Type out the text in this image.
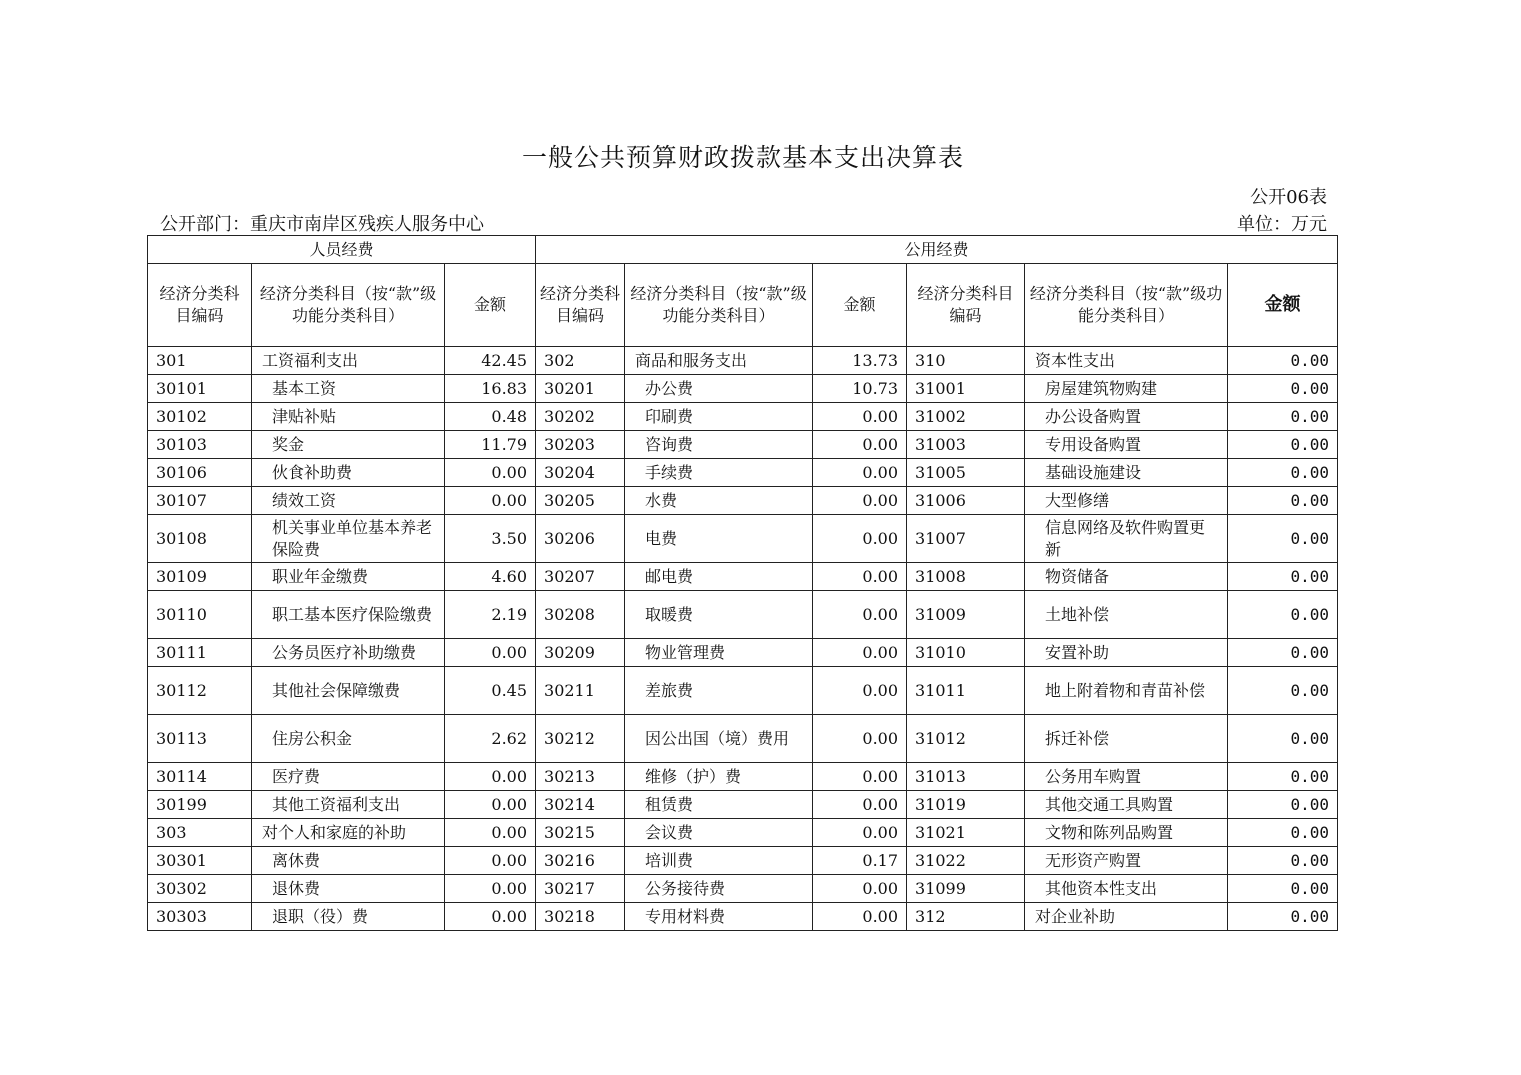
一般公共预算财政拨款基本支出决算表
公开06表
公开部门：重庆市南岸区残疾人服务中心	单位：万元
人员经费			公用经费					
经济分类科目编码	经济分类科目（按“款”级功能分类科目）	金额	经济分类科目编码	经济分类科目（按“款”级功能分类科目）	金额	经济分类科目编码	经济分类科目（按“款”级功能分类科目）	金额
301	工资福利支出	42.45	302	商品和服务支出	13.73	310	资本性支出	0.00
30101	基本工资	16.83	30201	办公费	10.73	31001	房屋建筑物购建	0.00
30102	津贴补贴	0.48	30202	印刷费	0.00	31002	办公设备购置	0.00
30103	奖金	11.79	30203	咨询费	0.00	31003	专用设备购置	0.00
30106	伙食补助费	0.00	30204	手续费	0.00	31005	基础设施建设	0.00
30107	绩效工资	0.00	30205	水费	0.00	31006	大型修缮	0.00
30108	机关事业单位基本养老保险费	3.50	30206	电费	0.00	31007	信息网络及软件购置更新	0.00
30109	职业年金缴费	4.60	30207	邮电费	0.00	31008	物资储备	0.00
30110	职工基本医疗保险缴费	2.19	30208	取暖费	0.00	31009	土地补偿	0.00
30111	公务员医疗补助缴费	0.00	30209	物业管理费	0.00	31010	安置补助	0.00
30112	其他社会保障缴费	0.45	30211	差旅费	0.00	31011	地上附着物和青苗补偿	0.00
30113	住房公积金	2.62	30212	因公出国（境）费用	0.00	31012	拆迁补偿	0.00
30114	医疗费	0.00	30213	维修（护）费	0.00	31013	公务用车购置	0.00
30199	其他工资福利支出	0.00	30214	租赁费	0.00	31019	其他交通工具购置	0.00
303	对个人和家庭的补助	0.00	30215	会议费	0.00	31021	文物和陈列品购置	0.00
30301	离休费	0.00	30216	培训费	0.17	31022	无形资产购置	0.00
30302	退休费	0.00	30217	公务接待费	0.00	31099	其他资本性支出	0.00
30303	退职（役）费	0.00	30218	专用材料费	0.00	312	对企业补助	0.00
